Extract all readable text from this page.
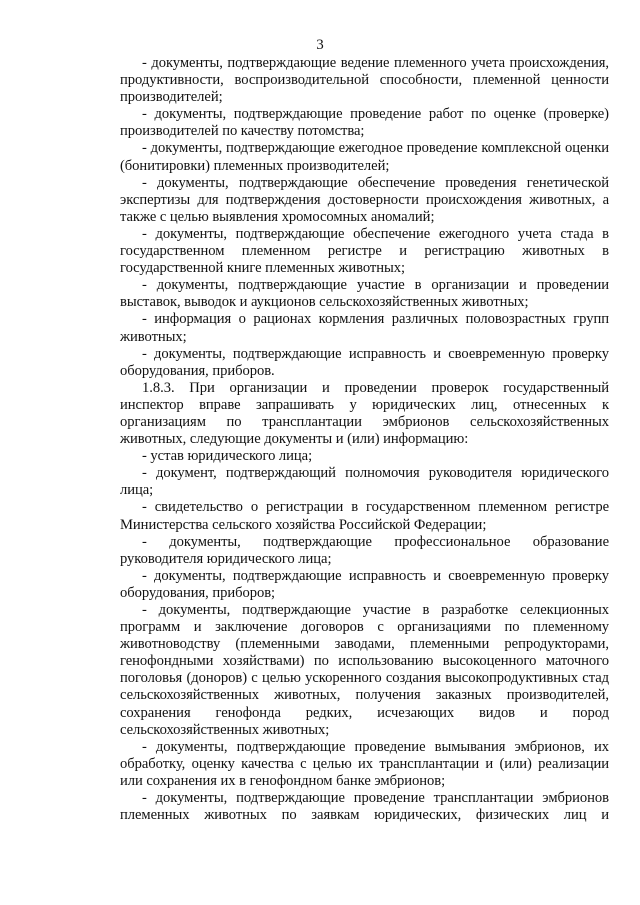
3

- документы, подтверждающие ведение племенного учета происхождения, продуктивности, воспроизводительной способности, племенной ценности производителей;

- документы, подтверждающие проведение работ по оценке (проверке) производителей по качеству потомства;

- документы, подтверждающие ежегодное проведение комплексной оценки (бонитировки) племенных производителей;

- документы, подтверждающие обеспечение проведения генетической экспертизы для подтверждения достоверности происхождения животных, а также с целью выявления хромосомных аномалий;

- документы, подтверждающие обеспечение ежегодного учета стада в государственном племенном регистре и регистрацию животных в государственной книге племенных животных;

- документы, подтверждающие участие в организации и проведении выставок, выводок и аукционов сельскохозяйственных животных;

- информация о рационах кормления различных половозрастных групп животных;

- документы, подтверждающие исправность и своевременную проверку оборудования, приборов.

1.8.3. При организации и проведении проверок государственный инспектор вправе запрашивать у юридических лиц, отнесенных к организациям по трансплантации эмбрионов сельскохозяйственных животных, следующие документы и (или) информацию:

- устав юридического лица;

- документ, подтверждающий полномочия руководителя юридического лица;

- свидетельство о регистрации в государственном племенном регистре Министерства сельского хозяйства Российской Федерации;

- документы, подтверждающие профессиональное образование руководителя юридического лица;

- документы, подтверждающие исправность и своевременную проверку оборудования, приборов;

- документы, подтверждающие участие в разработке селекционных программ и заключение договоров с организациями по племенному животноводству (племенными заводами, племенными репродукторами, генофондными хозяйствами) по использованию высокоценного маточного поголовья (доноров) с целью ускоренного создания высокопродуктивных стад сельскохозяйственных животных, получения заказных производителей, сохранения генофонда редких, исчезающих видов и пород сельскохозяйственных животных;

- документы, подтверждающие проведение вымывания эмбрионов, их обработку, оценку качества с целью их трансплантации и (или) реализации или сохранения их в генофондном банке эмбрионов;

- документы, подтверждающие проведение трансплантации эмбрионов племенных животных по заявкам юридических, физических лиц и
